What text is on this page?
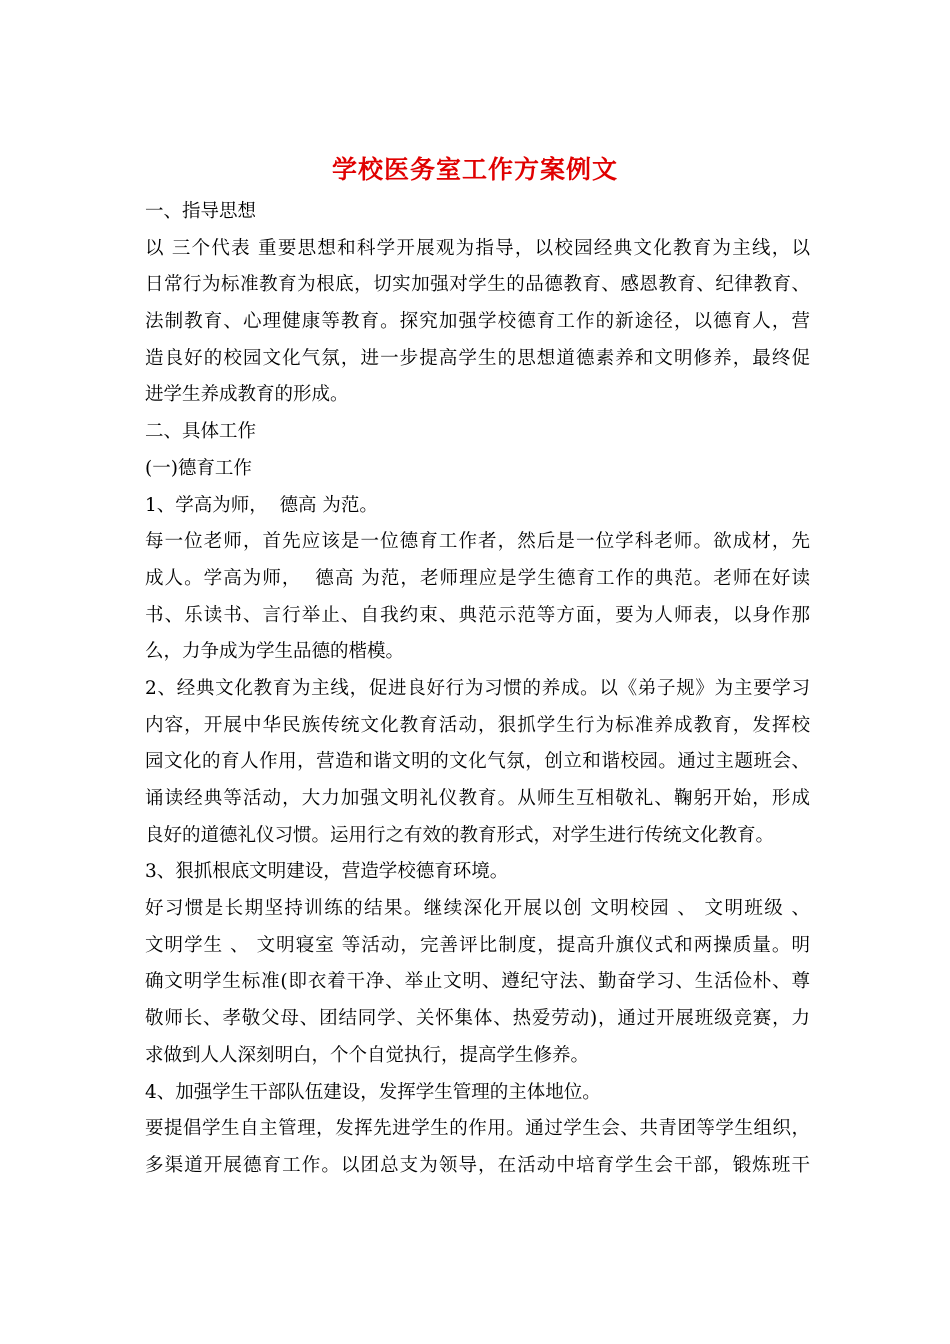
学校医务室工作方案例文
一、指导思想
以 三个代表 重要思想和科学开展观为指导，以校园经典文化教育为主线，以
日常行为标准教育为根底，切实加强对学生的品德教育、感恩教育、纪律教育、
法制教育、心理健康等教育。探究加强学校德育工作的新途径，以德育人，营
造良好的校园文化气氛，进一步提高学生的思想道德素养和文明修养，最终促
进学生养成教育的形成。
二、具体工作
(一)德育工作
1、学高为师，  德高 为范。
每一位老师，首先应该是一位德育工作者，然后是一位学科老师。欲成材，先
成人。学高为师，  德高 为范，老师理应是学生德育工作的典范。老师在好读
书、乐读书、言行举止、自我约束、典范示范等方面，要为人师表，以身作那
么，力争成为学生品德的楷模。
2、经典文化教育为主线，促进良好行为习惯的养成。以《弟子规》为主要学习
内容，开展中华民族传统文化教育活动，狠抓学生行为标准养成教育，发挥校
园文化的育人作用，营造和谐文明的文化气氛，创立和谐校园。通过主题班会、
诵读经典等活动，大力加强文明礼仪教育。从师生互相敬礼、鞠躬开始，形成
良好的道德礼仪习惯。运用行之有效的教育形式，对学生进行传统文化教育。
3、狠抓根底文明建设，营造学校德育环境。
好习惯是长期坚持训练的结果。继续深化开展以创 文明校园 、 文明班级 、
文明学生 、 文明寝室 等活动，完善评比制度，提高升旗仪式和两操质量。明
确文明学生标准(即衣着干净、举止文明、遵纪守法、勤奋学习、生活俭朴、尊
敬师长、孝敬父母、团结同学、关怀集体、热爱劳动)，通过开展班级竞赛，力
求做到人人深刻明白，个个自觉执行，提高学生修养。
4、加强学生干部队伍建设，发挥学生管理的主体地位。
要提倡学生自主管理，发挥先进学生的作用。通过学生会、共青团等学生组织，
多渠道开展德育工作。以团总支为领导，在活动中培育学生会干部，锻炼班干
